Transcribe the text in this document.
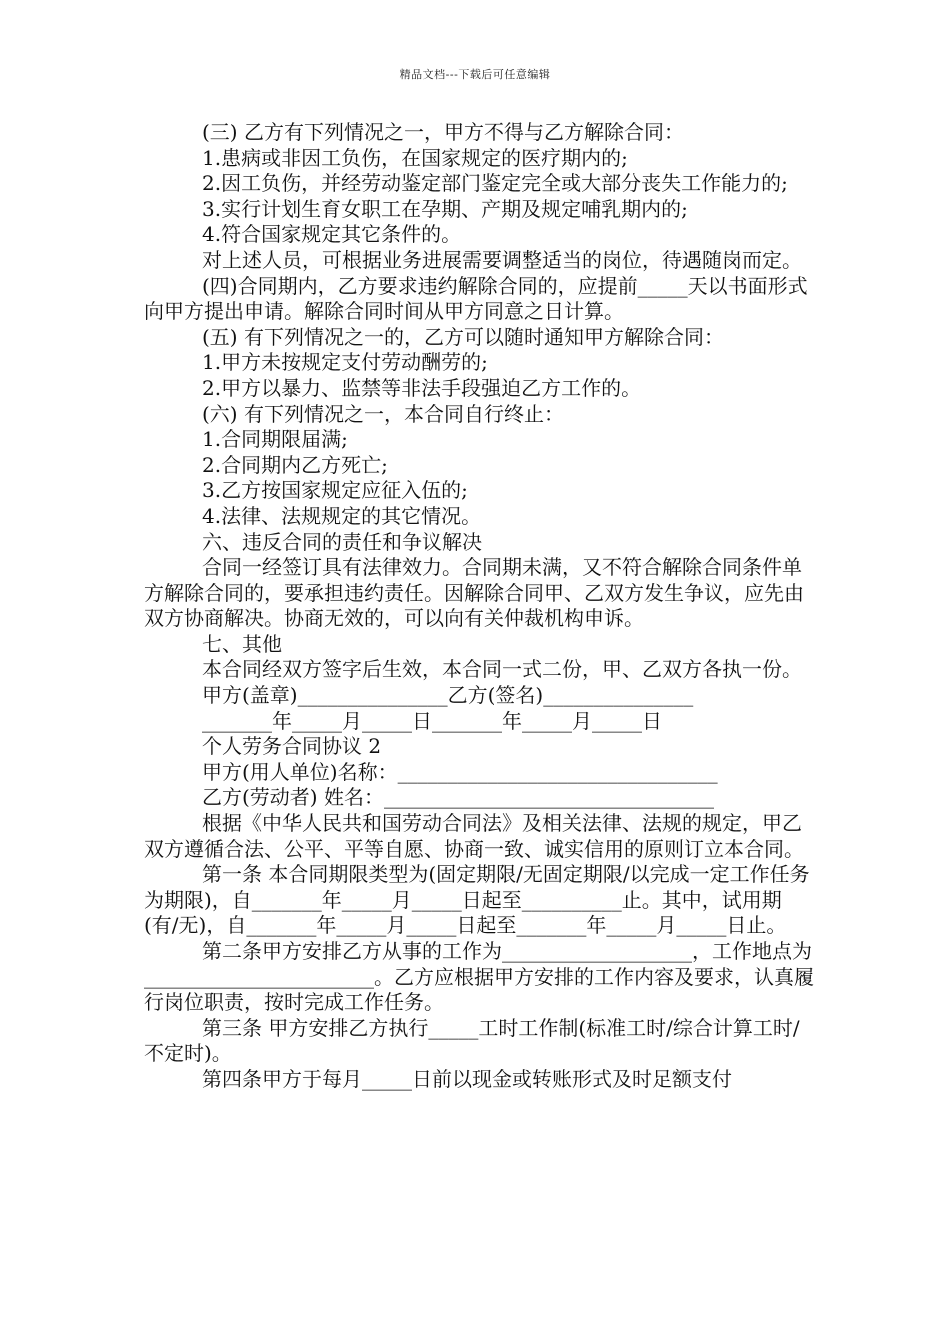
精品文档---下载后可任意编辑

(三) 乙方有下列情况之一，甲方不得与乙方解除合同：

1.患病或非因工负伤，在国家规定的医疗期内的;

2.因工负伤，并经劳动鉴定部门鉴定完全或大部分丧失工作能力的;

3.实行计划生育女职工在孕期、产期及规定哺乳期内的;

4.符合国家规定其它条件的。

对上述人员，可根据业务进展需要调整适当的岗位，待遇随岗而定。

(四)合同期内，乙方要求违约解除合同的，应提前_____天以书面形式向甲方提出申请。解除合同时间从甲方同意之日计算。

(五) 有下列情况之一的，乙方可以随时通知甲方解除合同：

1.甲方未按规定支付劳动酬劳的;

2.甲方以暴力、监禁等非法手段强迫乙方工作的。

(六) 有下列情况之一，本合同自行终止：

1.合同期限届满;

2.合同期内乙方死亡;

3.乙方按国家规定应征入伍的;

4.法律、法规规定的其它情况。

六、违反合同的责任和争议解决

合同一经签订具有法律效力。合同期未满，又不符合解除合同条件单方解除合同的，要承担违约责任。因解除合同甲、乙双方发生争议，应先由双方协商解决。协商无效的，可以向有关仲裁机构申诉。

七、其他

本合同经双方签字后生效，本合同一式二份，甲、乙双方各执一份。

甲方(盖章)_______________乙方(签名)_______________

_______年_____月_____日_______年_____月_____日

个人劳务合同协议 2

甲方(用人单位)名称：________________________________

乙方(劳动者) 姓名：_________________________________

根据《中华人民共和国劳动合同法》及相关法律、法规的规定，甲乙双方遵循合法、公平、平等自愿、协商一致、诚实信用的原则订立本合同。

第一条 本合同期限类型为(固定期限/无固定期限/以完成一定工作任务为期限)，自_______年_____月_____日起至__________止。其中，试用期(有/无)，自_______年_____月_____日起至_______年_____月_____日止。

第二条甲方安排乙方从事的工作为___________________，工作地点为_______________________。乙方应根据甲方安排的工作内容及要求，认真履行岗位职责，按时完成工作任务。

第三条 甲方安排乙方执行_____工时工作制(标准工时/综合计算工时/不定时)。

第四条甲方于每月_____日前以现金或转账形式及时足额支付
